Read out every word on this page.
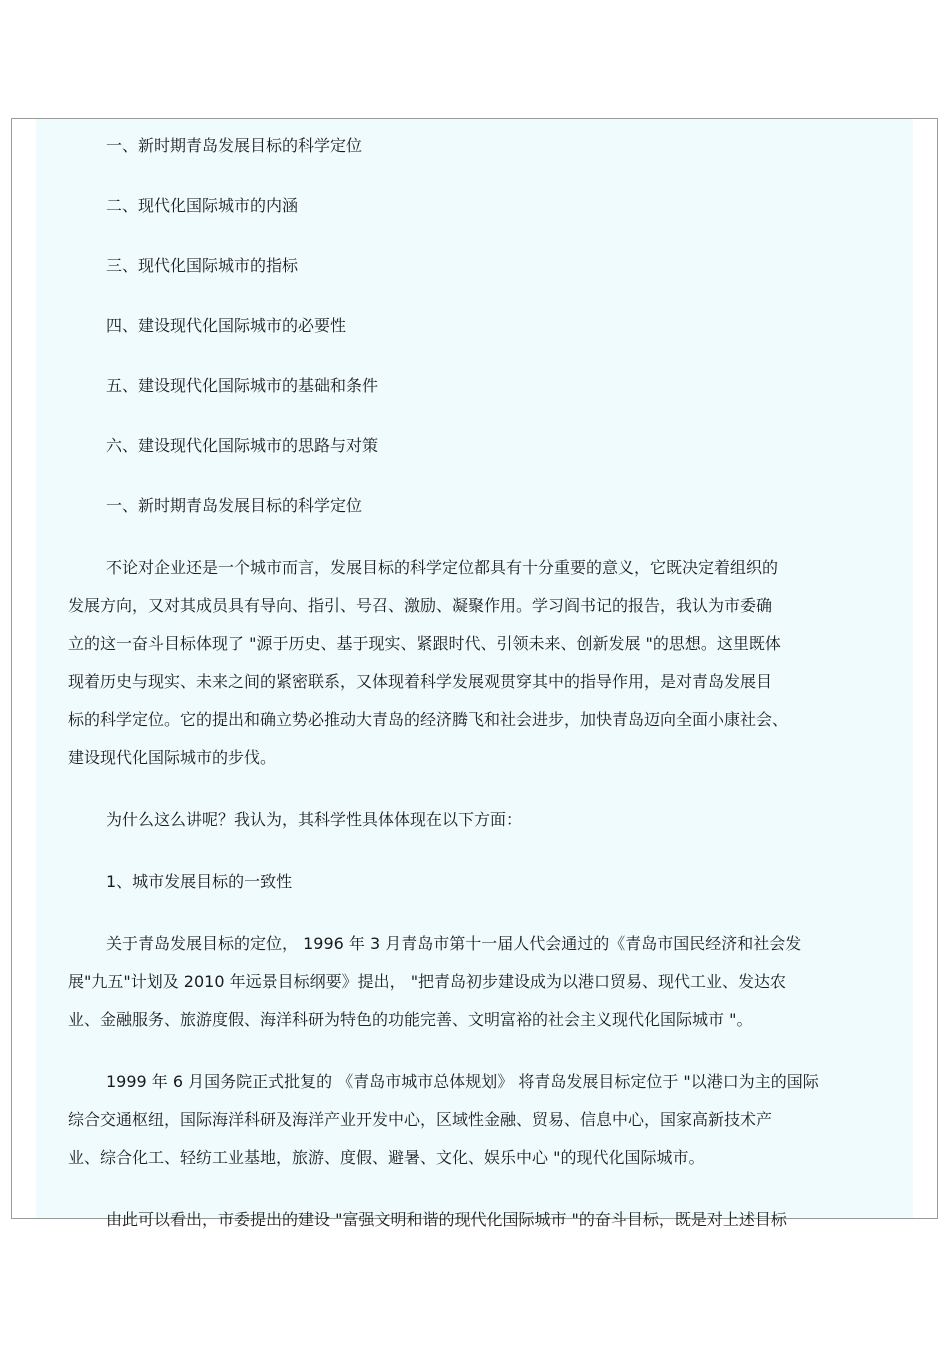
一、新时期青岛发展目标的科学定位
二、现代化国际城市的内涵
三、现代化国际城市的指标
四、建设现代化国际城市的必要性
五、建设现代化国际城市的基础和条件
六、建设现代化国际城市的思路与对策
一、新时期青岛发展目标的科学定位
不论对企业还是一个城市而言，发展目标的科学定位都具有十分重要的意义，它既决定着组织的
发展方向，又对其成员具有导向、指引、号召、激励、凝聚作用。学习阎书记的报告，我认为市委确
立的这一奋斗目标体现了 "源于历史、基于现实、紧跟时代、引领未来、创新发展 "的思想。这里既体
现着历史与现实、未来之间的紧密联系，又体现着科学发展观贯穿其中的指导作用，是对青岛发展目
标的科学定位。它的提出和确立势必推动大青岛的经济腾飞和社会进步，加快青岛迈向全面小康社会、
建设现代化国际城市的步伐。
为什么这么讲呢？我认为，其科学性具体体现在以下方面：
1、城市发展目标的一致性
关于青岛发展目标的定位， 1996 年 3 月青岛市第十一届人代会通过的《青岛市国民经济和社会发
展"九五"计划及 2010 年远景目标纲要》提出， "把青岛初步建设成为以港口贸易、现代工业、发达农
业、金融服务、旅游度假、海洋科研为特色的功能完善、文明富裕的社会主义现代化国际城市 "。
1999 年 6 月国务院正式批复的 《青岛市城市总体规划》 将青岛发展目标定位于 "以港口为主的国际
综合交通枢纽，国际海洋科研及海洋产业开发中心，区域性金融、贸易、信息中心，国家高新技术产
业、综合化工、轻纺工业基地，旅游、度假、避暑、文化、娱乐中心 "的现代化国际城市。
由此可以看出，市委提出的建设 "富强文明和谐的现代化国际城市 "的奋斗目标，既是对上述目标
